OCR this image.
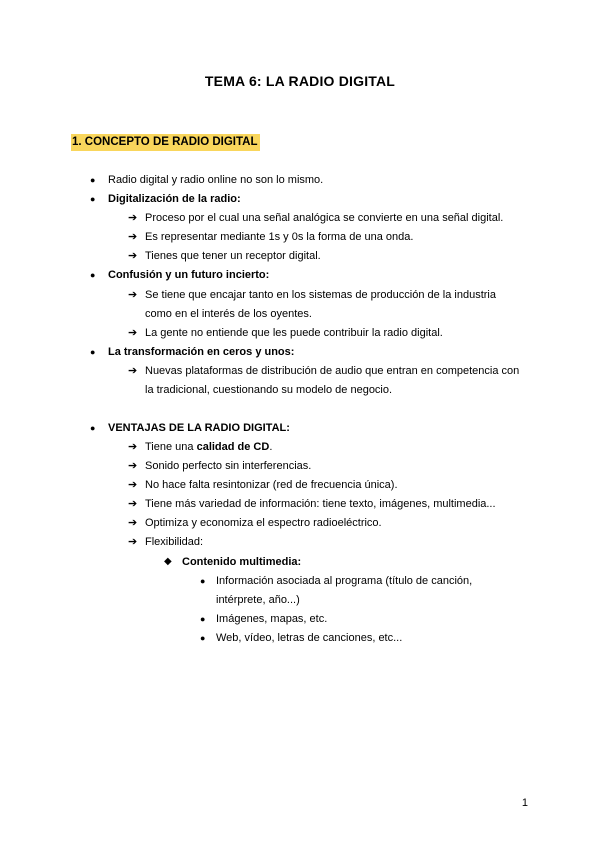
TEMA 6: LA RADIO DIGITAL
1. CONCEPTO DE RADIO DIGITAL
● Radio digital y radio online no son lo mismo.
● Digitalización de la radio:
➔ Proceso por el cual una señal analógica se convierte en una señal digital.
➔ Es representar mediante 1s y 0s la forma de una onda.
➔ Tienes que tener un receptor digital.
● Confusión y un futuro incierto:
➔ Se tiene que encajar tanto en los sistemas de producción de la industria
como en el interés de los oyentes.
➔ La gente no entiende que les puede contribuir la radio digital.
● La transformación en ceros y unos:
➔ Nuevas plataformas de distribución de audio que entran en competencia con
la tradicional, cuestionando su modelo de negocio.
● VENTAJAS DE LA RADIO DIGITAL:
➔ Tiene una calidad de CD.
➔ Sonido perfecto sin interferencias.
➔ No hace falta resintonizar (red de frecuencia única).
➔ Tiene más variedad de información: tiene texto, imágenes, multimedia...
➔ Optimiza y economiza el espectro radioeléctrico.
➔ Flexibilidad:
◆ Contenido multimedia:
● Información asociada al programa (título de canción,
intérprete, año...)
● Imágenes, mapas, etc.
● Web, vídeo, letras de canciones, etc...
1
